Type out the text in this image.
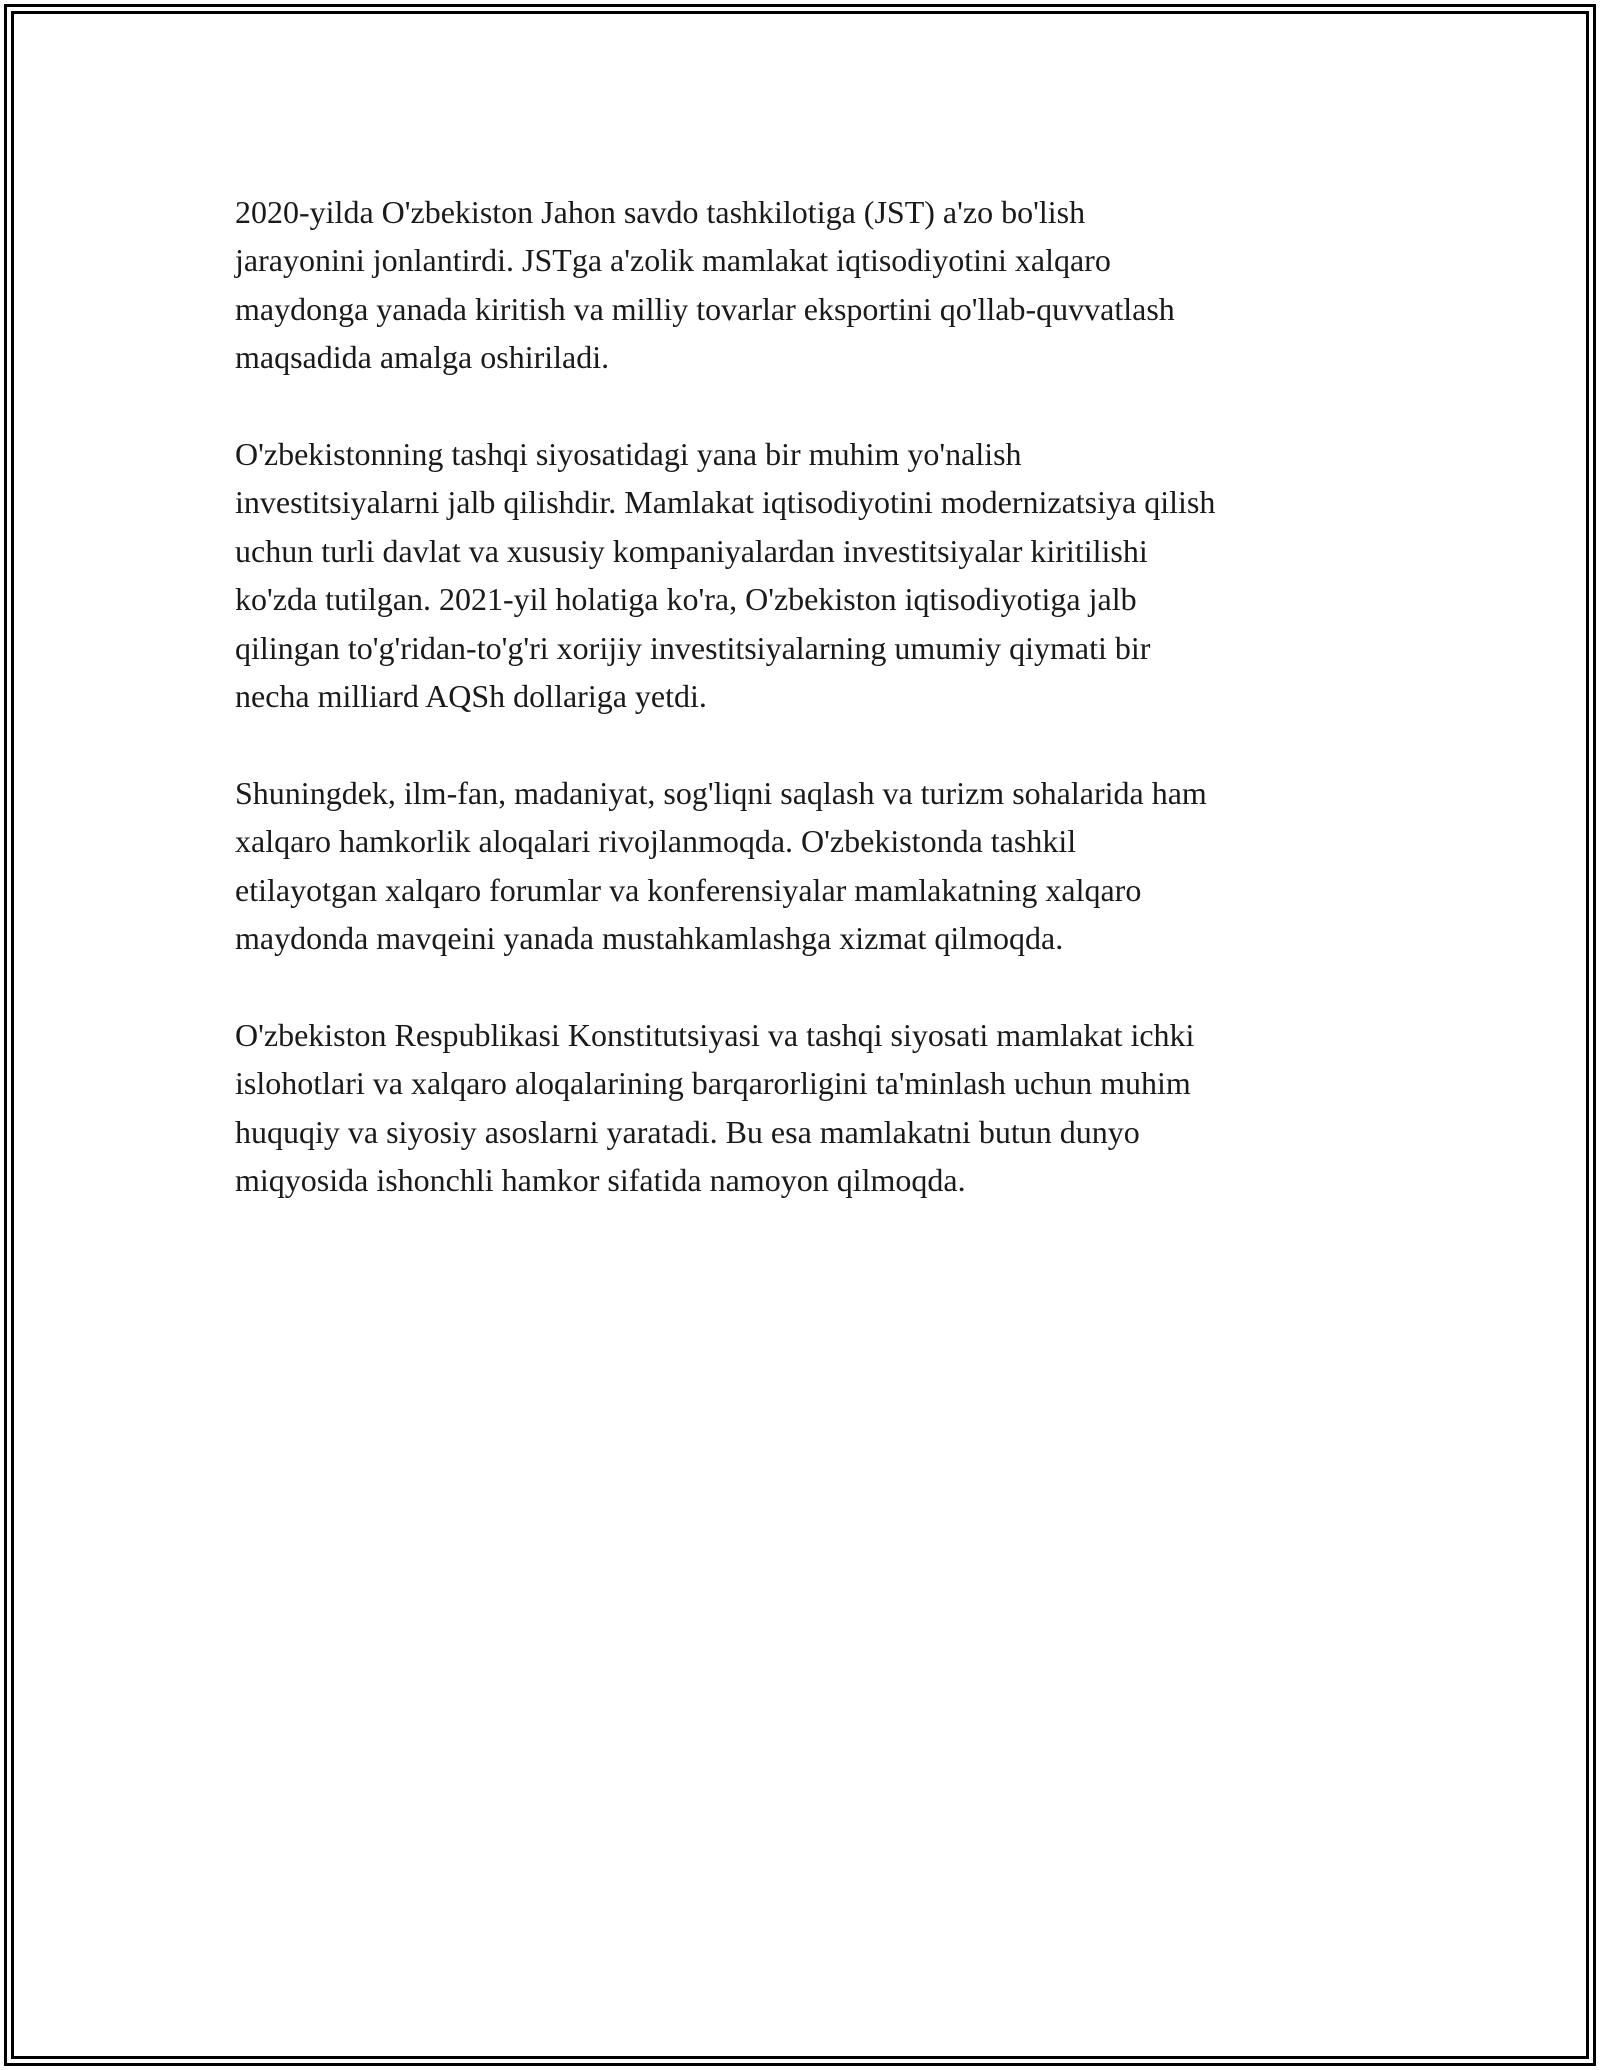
2020-yilda O'zbekiston Jahon savdo tashkilotiga (JST) a'zo bo'lish
jarayonini jonlantirdi. JSTga a'zolik mamlakat iqtisodiyotini xalqaro
maydonga yanada kiritish va milliy tovarlar eksportini qo'llab-quvvatlash
maqsadida amalga oshiriladi.

O'zbekistonning tashqi siyosatidagi yana bir muhim yo'nalish
investitsiyalarni jalb qilishdir. Mamlakat iqtisodiyotini modernizatsiya qilish
uchun turli davlat va xususiy kompaniyalardan investitsiyalar kiritilishi
ko'zda tutilgan. 2021-yil holatiga ko'ra, O'zbekiston iqtisodiyotiga jalb
qilingan to'g'ridan-to'g'ri xorijiy investitsiyalarning umumiy qiymati bir
necha milliard AQSh dollariga yetdi.

Shuningdek, ilm-fan, madaniyat, sog'liqni saqlash va turizm sohalarida ham
xalqaro hamkorlik aloqalari rivojlanmoqda. O'zbekistonda tashkil
etilayotgan xalqaro forumlar va konferensiyalar mamlakatning xalqaro
maydonda mavqeini yanada mustahkamlashga xizmat qilmoqda.

O'zbekiston Respublikasi Konstitutsiyasi va tashqi siyosati mamlakat ichki
islohotlari va xalqaro aloqalarining barqarorligini ta'minlash uchun muhim
huquqiy va siyosiy asoslarni yaratadi. Bu esa mamlakatni butun dunyo
miqyosida ishonchli hamkor sifatida namoyon qilmoqda.
